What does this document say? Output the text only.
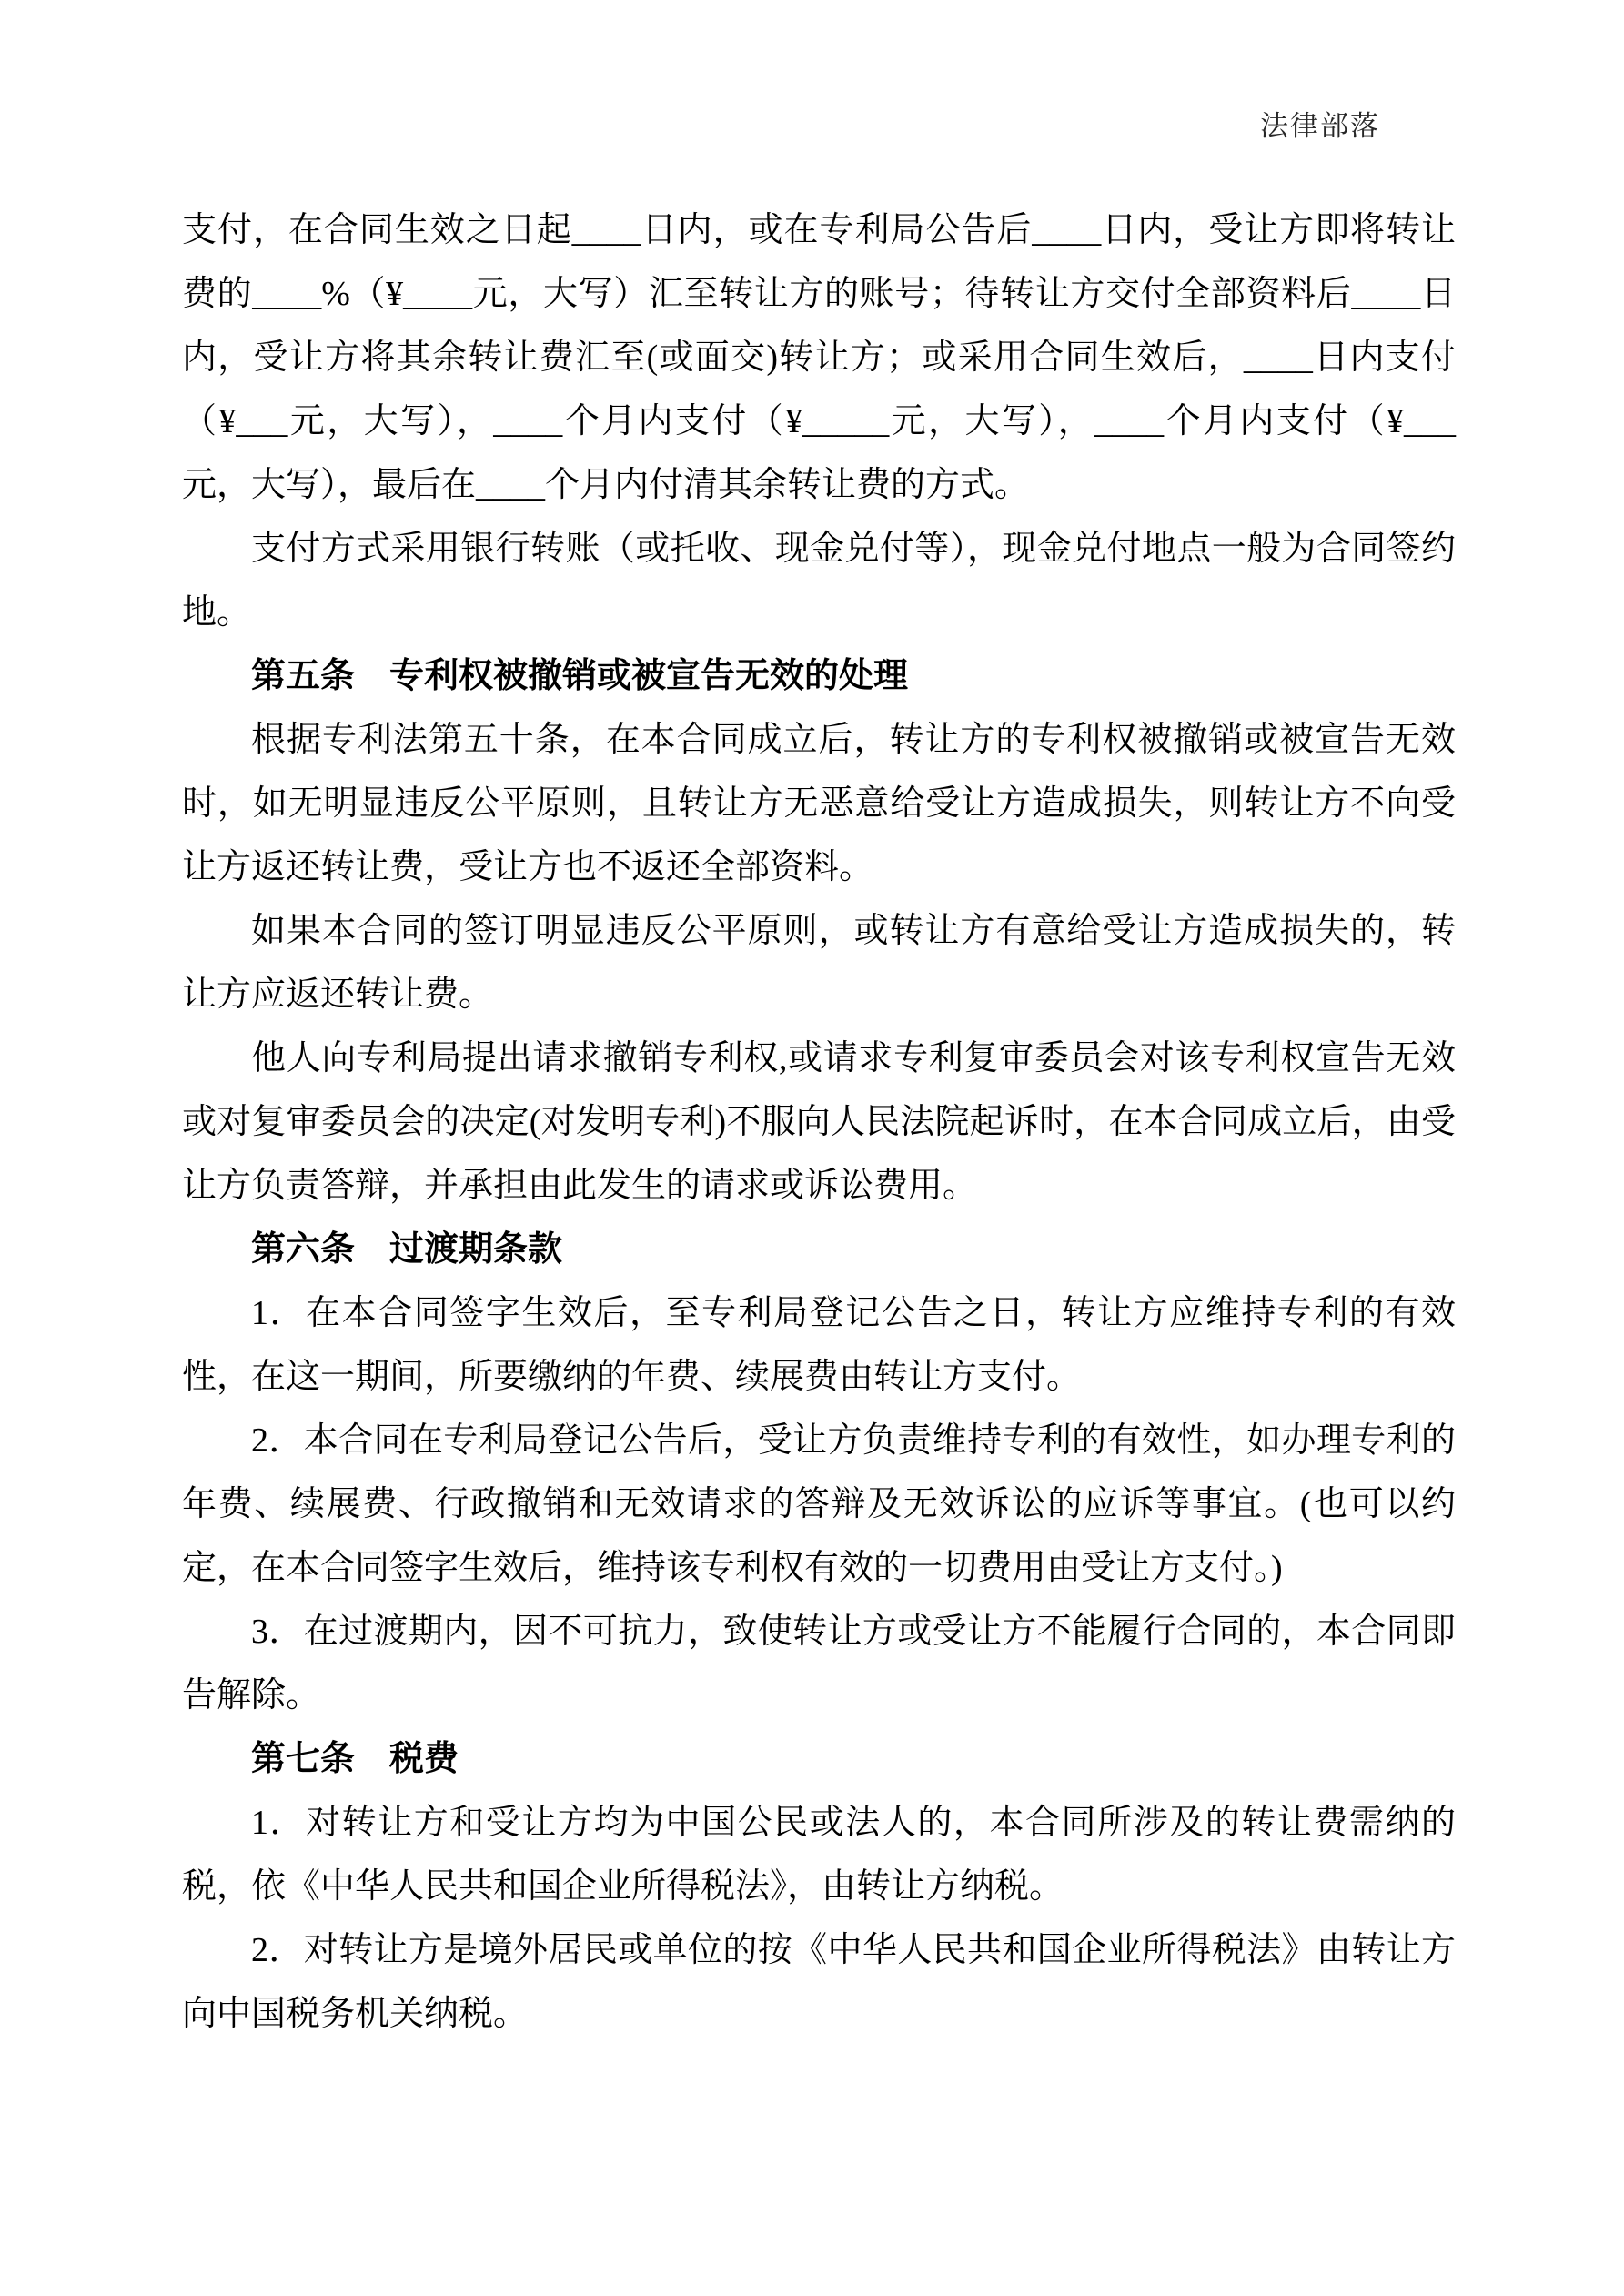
法律部落
支付，在合同生效之日起____日内，或在专利局公告后____日内，受让方即将转让费的____%（¥____元，大写）汇至转让方的账号；待转让方交付全部资料后____日内，受让方将其余转让费汇至(或面交)转让方；或采用合同生效后，____日内支付（¥___元，大写），____个月内支付（¥_____元，大写），____个月内支付（¥___元，大写），最后在____个月内付清其余转让费的方式。
支付方式采用银行转账（或托收、现金兑付等），现金兑付地点一般为合同签约地。
第五条　专利权被撤销或被宣告无效的处理
根据专利法第五十条，在本合同成立后，转让方的专利权被撤销或被宣告无效时，如无明显违反公平原则，且转让方无恶意给受让方造成损失，则转让方不向受让方返还转让费，受让方也不返还全部资料。
如果本合同的签订明显违反公平原则，或转让方有意给受让方造成损失的，转让方应返还转让费。
他人向专利局提出请求撤销专利权,或请求专利复审委员会对该专利权宣告无效或对复审委员会的决定(对发明专利)不服向人民法院起诉时，在本合同成立后，由受让方负责答辩，并承担由此发生的请求或诉讼费用。
第六条　过渡期条款
1．在本合同签字生效后，至专利局登记公告之日，转让方应维持专利的有效性，在这一期间，所要缴纳的年费、续展费由转让方支付。
2．本合同在专利局登记公告后，受让方负责维持专利的有效性，如办理专利的年费、续展费、行政撤销和无效请求的答辩及无效诉讼的应诉等事宜。(也可以约定，在本合同签字生效后，维持该专利权有效的一切费用由受让方支付。)
3．在过渡期内，因不可抗力，致使转让方或受让方不能履行合同的，本合同即告解除。
第七条　税费
1．对转让方和受让方均为中国公民或法人的，本合同所涉及的转让费需纳的税，依《中华人民共和国企业所得税法》，由转让方纳税。
2．对转让方是境外居民或单位的按《中华人民共和国企业所得税法》由转让方向中国税务机关纳税。
